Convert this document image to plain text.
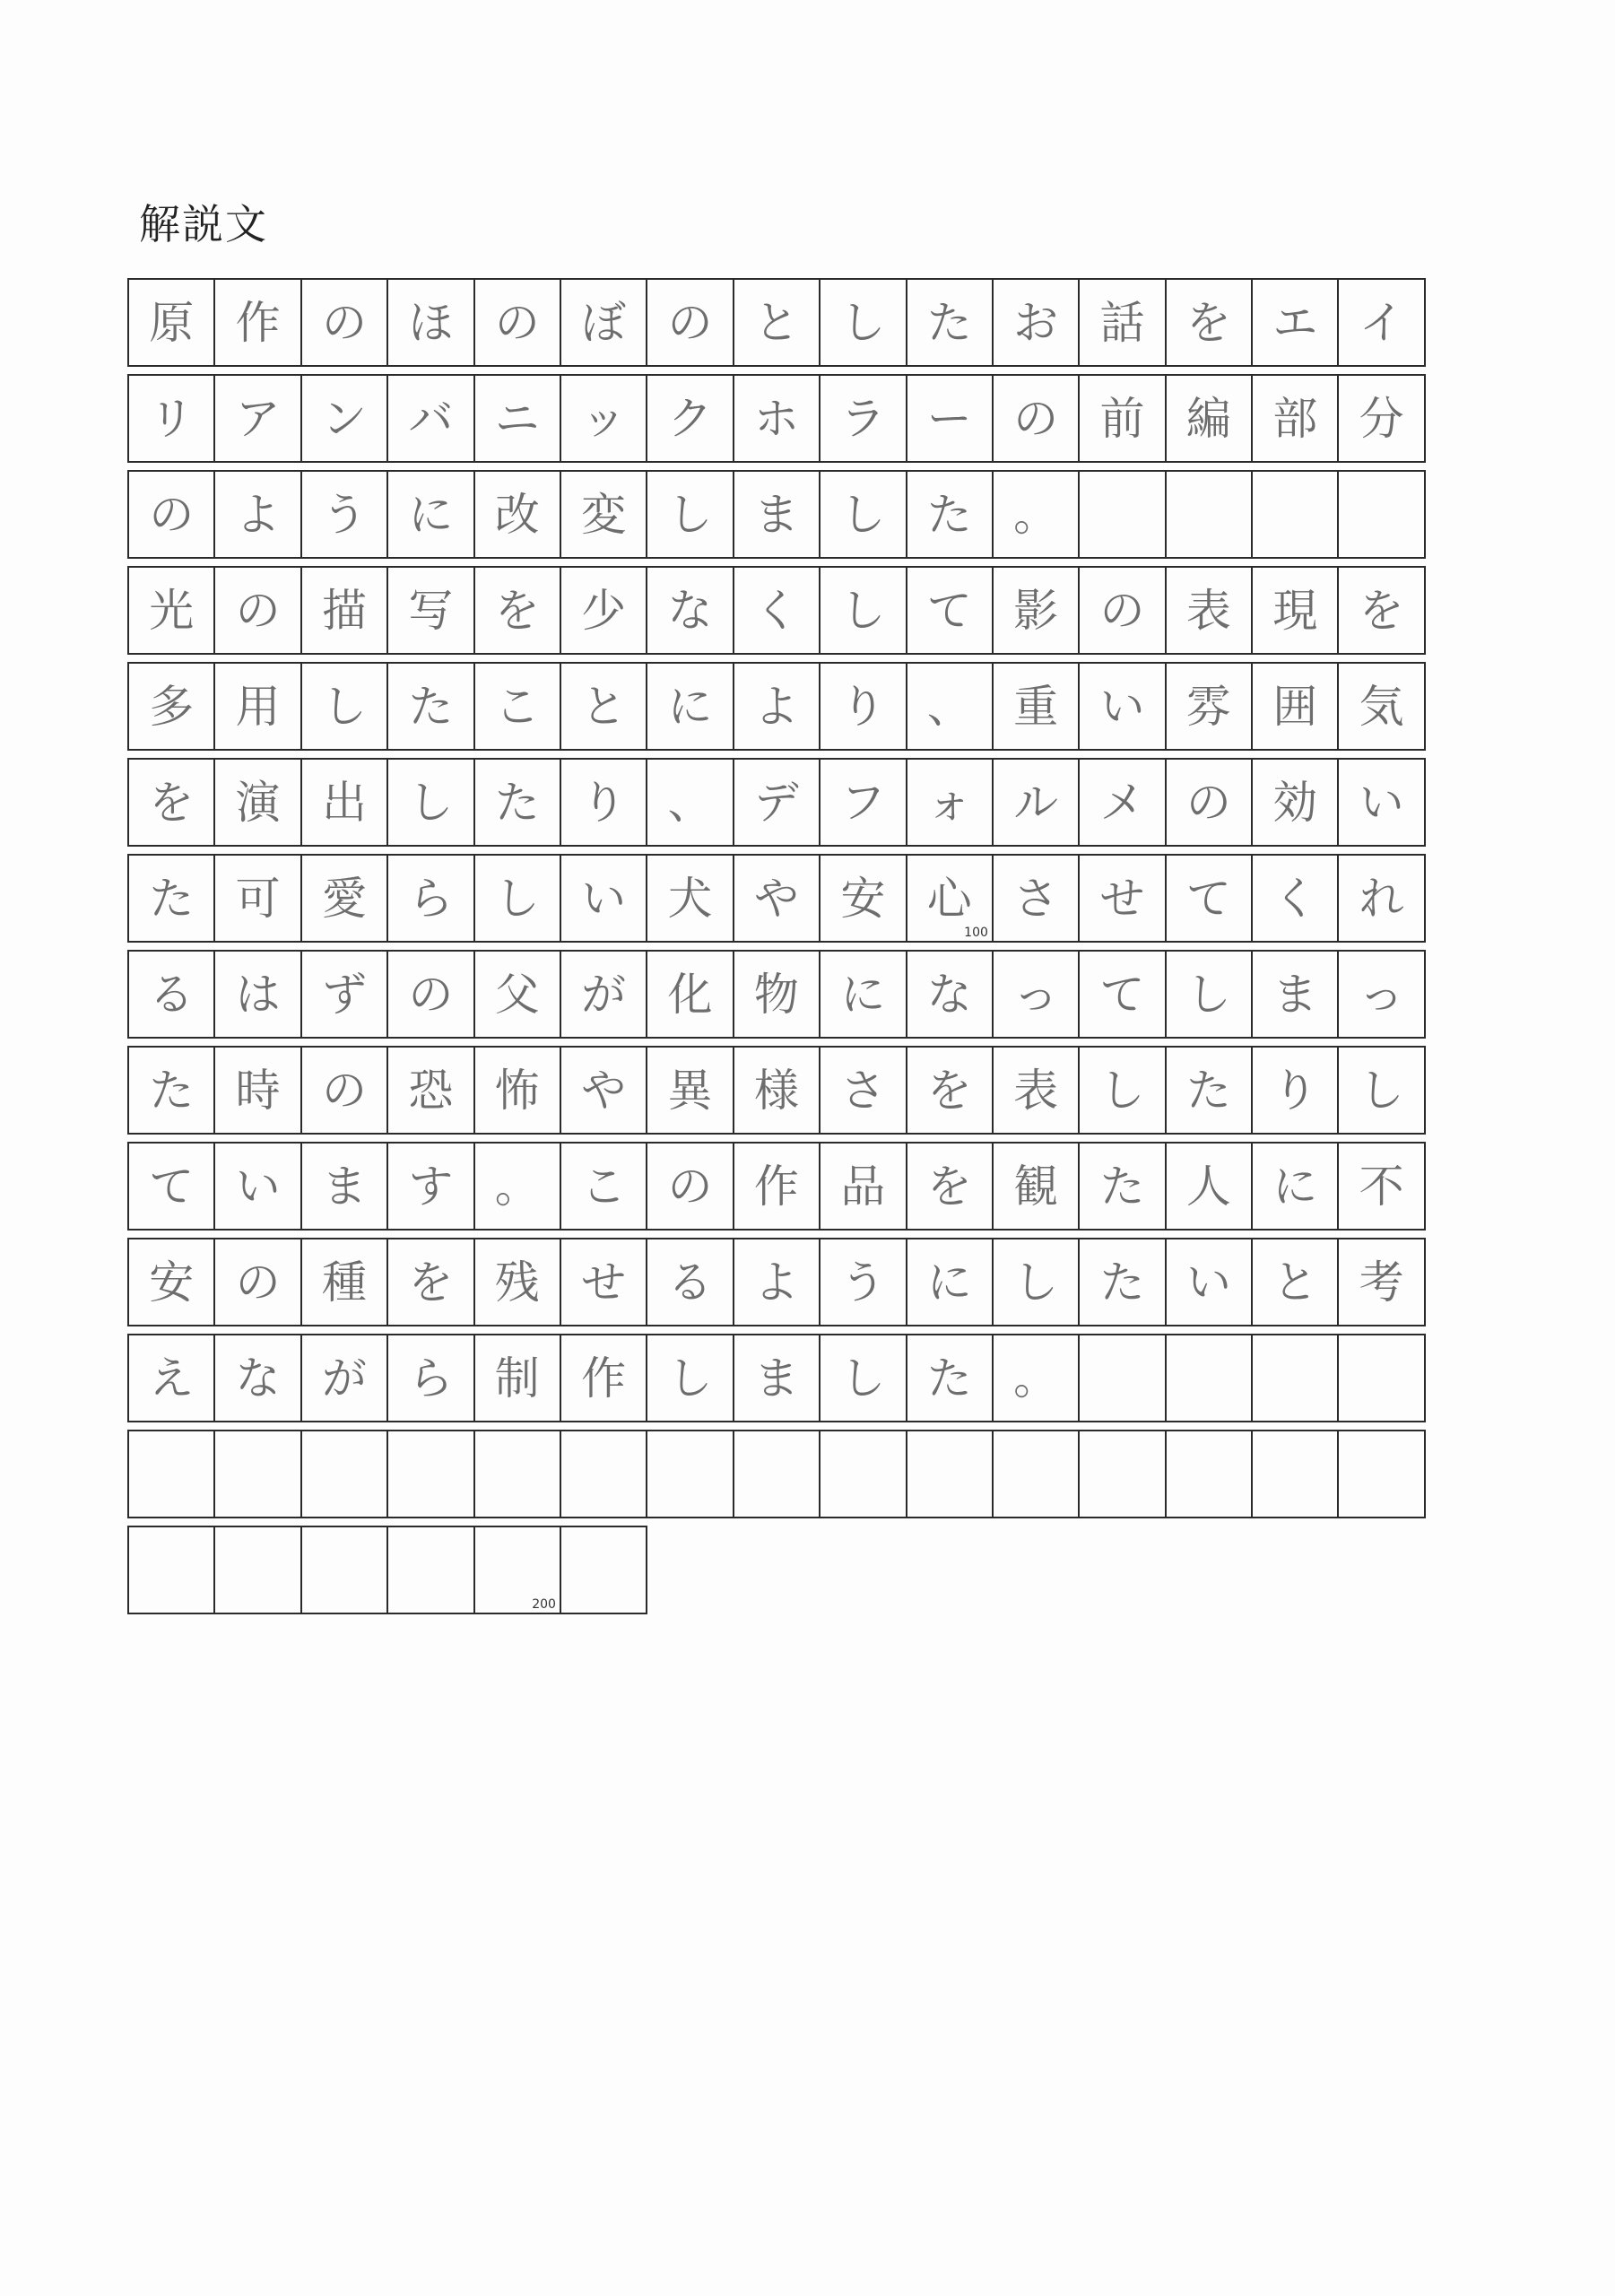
解説文
原 作 の ほ の ぼ の と し た お 話 を エ イ
リ ア ン バ ニ ッ ク ホ ラ ー の 前 編 部 分
の よ う に 改 変 し ま し た 。
光 の 描 写 を 少 な く し て 影 の 表 現 を
多 用 し た こ と に よ り 、 重 い 雰 囲 気
を 演 出 し た り 、 デ フ ォ ル メ の 効 い
た 可 愛 ら し い 犬 や 安 心
100
さ せ て く れ
る は ず の 父 が 化 物 に な っ て し ま っ
た 時 の 恐 怖 や 異 様 さ を 表 し た り し
て い ま す 。 こ の 作 品 を 観 た 人 に 不
安 の 種 を 残 せ る よ う に し た い と 考
え な が ら 制 作 し ま し た 。
200
